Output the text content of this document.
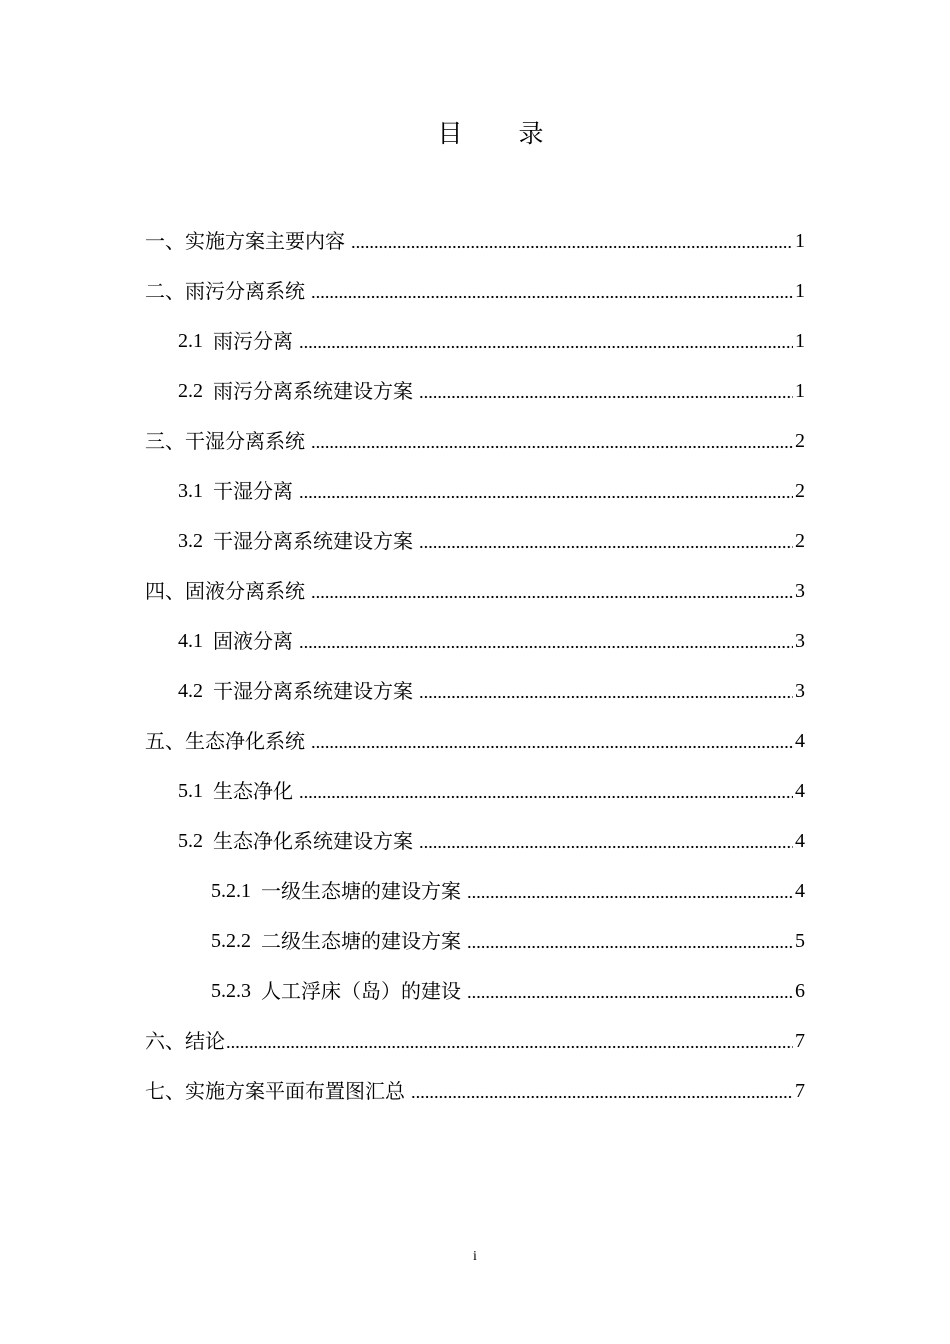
目 录
一、实施方案主要内容	1
二、雨污分离系统	1
2.1 雨污分离	1
2.2 雨污分离系统建设方案	1
三、干湿分离系统	2
3.1 干湿分离	2
3.2 干湿分离系统建设方案	2
四、固液分离系统	3
4.1 固液分离	3
4.2 干湿分离系统建设方案	3
五、生态净化系统	4
5.1 生态净化	4
5.2 生态净化系统建设方案	4
5.2.1 一级生态塘的建设方案	4
5.2.2 二级生态塘的建设方案	5
5.2.3 人工浮床（岛）的建设	6
六、结论	7
七、实施方案平面布置图汇总	7
i
